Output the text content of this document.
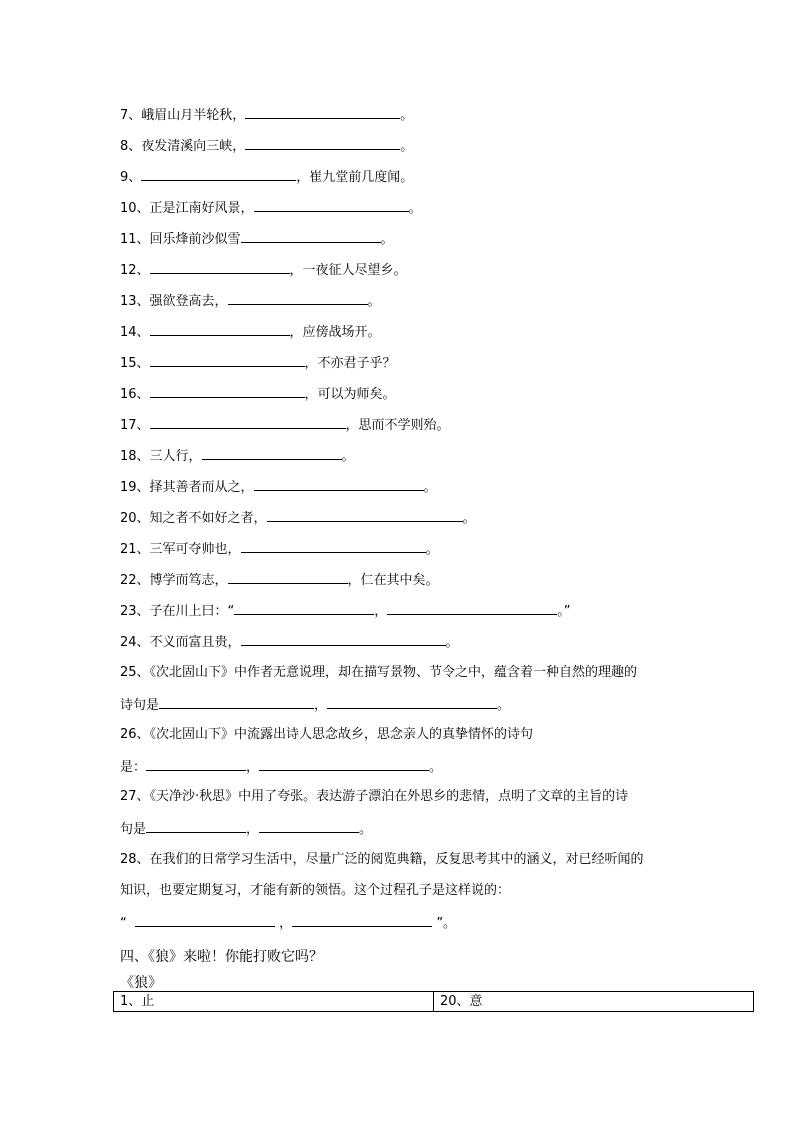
7、峨眉山月半轮秋，	。
8、夜发清溪向三峡，	。
9、	，崔九堂前几度闻。
10、正是江南好风景，	。
11、回乐烽前沙似雪	。
12、	，一夜征人尽望乡。
13、强欲登高去，	。
14、	，应傍战场开。
15、	，不亦君子乎？
16、	，可以为师矣。
17、	，思而不学则殆。
18、三人行，	。
19、择其善者而从之，	。
20、知之者不如好之者，	。
21、三军可夺帅也，	。
22、博学而笃志，	，仁在其中矣。
23、子在川上曰：“	，	。”
24、不义而富且贵，	。
25、《次北固山下》中作者无意说理，却在描写景物、节令之中，蕴含着一种自然的理趣的
诗句是	，	。
26、《次北固山下》中流露出诗人思念故乡，思念亲人的真挚情怀的诗句
是：	，	。
27、《天净沙·秋思》中用了夸张。表达游子漂泊在外思乡的悲情，点明了文章的主旨的诗
句是	，	。
28、在我们的日常学习生活中，尽量广泛的阅览典籍，反复思考其中的涵义，对已经听闻的
知识，也要定期复习，才能有新的领悟。这个过程孔子是这样说的：
“	，	”。
四、《狼》来啦！你能打败它吗？
《狼》
1、止	20、意
